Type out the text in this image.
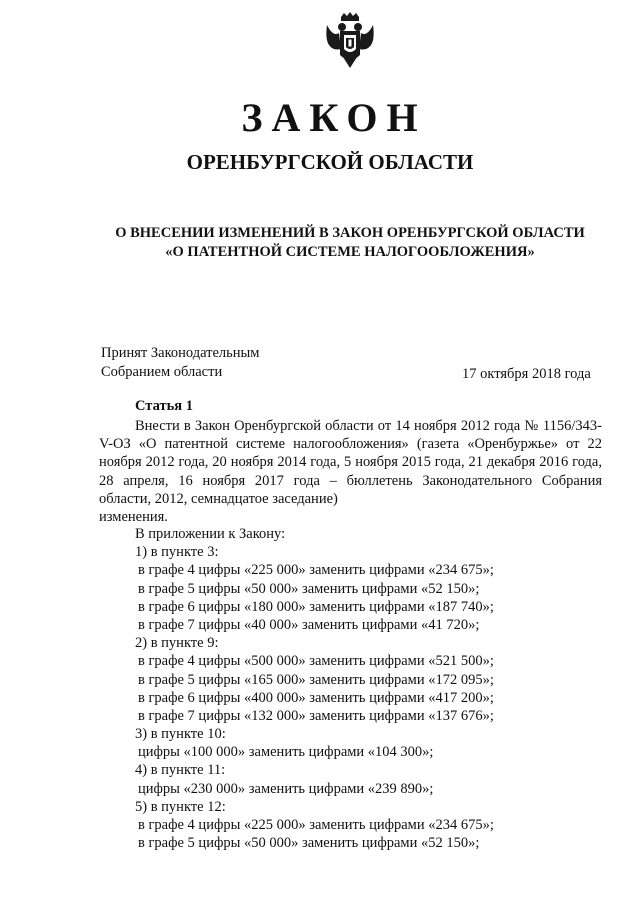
ЗАКОН
ОРЕНБУРГСКОЙ ОБЛАСТИ
О ВНЕСЕНИИ ИЗМЕНЕНИЙ В ЗАКОН ОРЕНБУРГСКОЙ ОБЛАСТИ
«О ПАТЕНТНОЙ СИСТЕМЕ НАЛОГООБЛОЖЕНИЯ»
Принят Законодательным
Собранием области	17 октября 2018 года
Статья 1
Внести в Закон Оренбургской области от 14 ноября 2012 года № 1156/343-V-ОЗ «О патентной системе налогообложения» (газета «Оренбуржье» от 22 ноября 2012 года, 20 ноября 2014 года, 5 ноября 2015 года, 21 декабря 2016 года, 28 апреля, 16 ноября 2017 года – бюллетень Законодательного Собрания области, 2012, семнадцатое заседание)
изменения.
В приложении к Закону:
1) в пункте 3:
в графе 4 цифры «225 000» заменить цифрами «234 675»;
в графе 5 цифры «50 000» заменить цифрами «52 150»;
в графе 6 цифры «180 000» заменить цифрами «187 740»;
в графе 7 цифры «40 000» заменить цифрами «41 720»;
2) в пункте 9:
в графе 4 цифры «500 000» заменить цифрами «521 500»;
в графе 5 цифры «165 000» заменить цифрами «172 095»;
в графе 6 цифры «400 000» заменить цифрами «417 200»;
в графе 7 цифры «132 000» заменить цифрами «137 676»;
3) в пункте 10:
цифры «100 000» заменить цифрами «104 300»;
4) в пункте 11:
цифры «230 000» заменить цифрами «239 890»;
5) в пункте 12:
в графе 4 цифры «225 000» заменить цифрами «234 675»;
в графе 5 цифры «50 000» заменить цифрами «52 150»;
